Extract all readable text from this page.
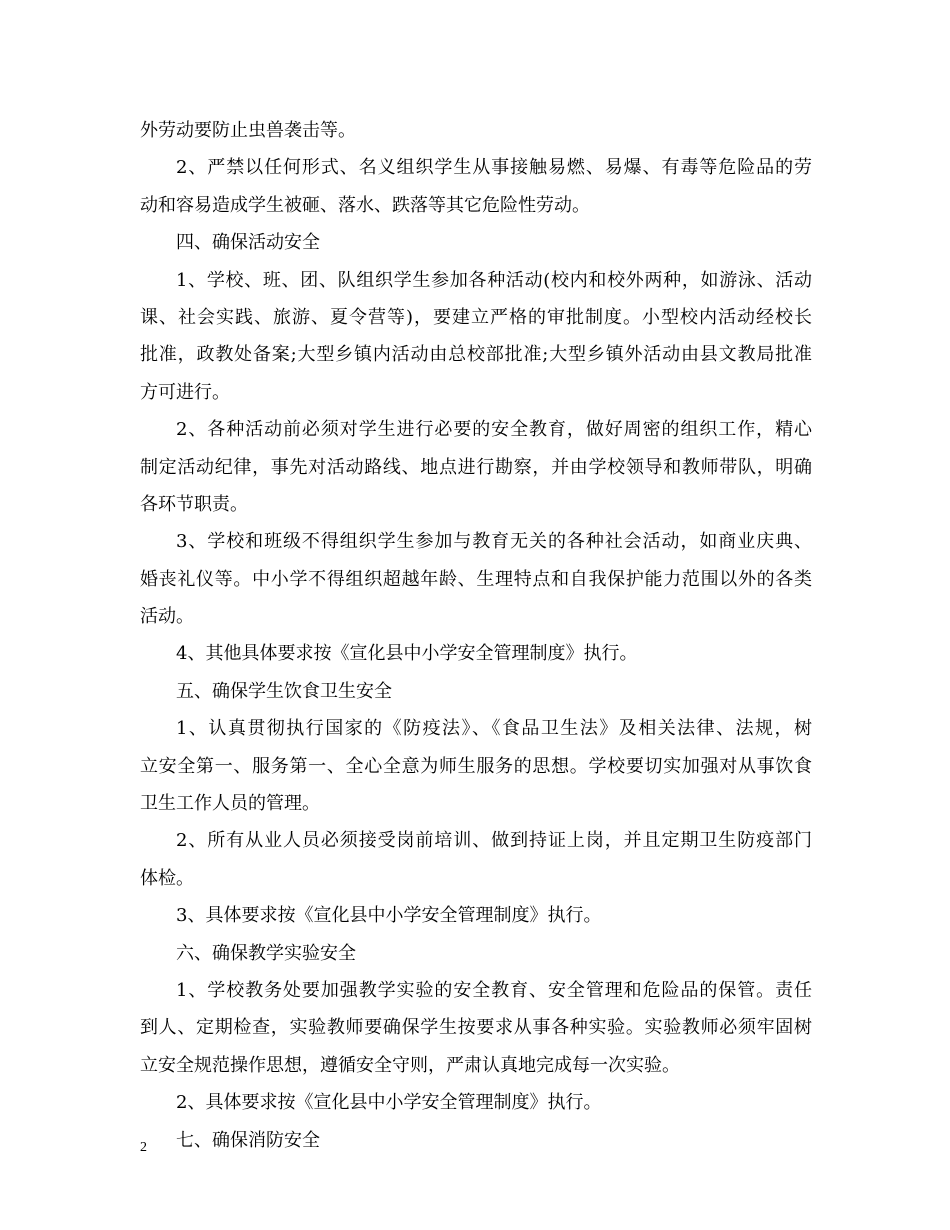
外劳动要防止虫兽袭击等。
2、严禁以任何形式、名义组织学生从事接触易燃、易爆、有毒等危险品的劳
动和容易造成学生被砸、落水、跌落等其它危险性劳动。
四、确保活动安全
1、学校、班、团、队组织学生参加各种活动(校内和校外两种，如游泳、活动
课、社会实践、旅游、夏令营等)，要建立严格的审批制度。小型校内活动经校长
批准，政教处备案;大型乡镇内活动由总校部批准;大型乡镇外活动由县文教局批准
方可进行。
2、各种活动前必须对学生进行必要的安全教育，做好周密的组织工作，精心
制定活动纪律，事先对活动路线、地点进行勘察，并由学校领导和教师带队，明确
各环节职责。
3、学校和班级不得组织学生参加与教育无关的各种社会活动，如商业庆典、
婚丧礼仪等。中小学不得组织超越年龄、生理特点和自我保护能力范围以外的各类
活动。
4、其他具体要求按《宣化县中小学安全管理制度》执行。
五、确保学生饮食卫生安全
1、认真贯彻执行国家的《防疫法》、《食品卫生法》及相关法律、法规，树
立安全第一、服务第一、全心全意为师生服务的思想。学校要切实加强对从事饮食
卫生工作人员的管理。
2、所有从业人员必须接受岗前培训、做到持证上岗，并且定期卫生防疫部门
体检。
3、具体要求按《宣化县中小学安全管理制度》执行。
六、确保教学实验安全
1、学校教务处要加强教学实验的安全教育、安全管理和危险品的保管。责任
到人、定期检查，实验教师要确保学生按要求从事各种实验。实验教师必须牢固树
立安全规范操作思想，遵循安全守则，严肃认真地完成每一次实验。
2、具体要求按《宣化县中小学安全管理制度》执行。
七、确保消防安全
2
